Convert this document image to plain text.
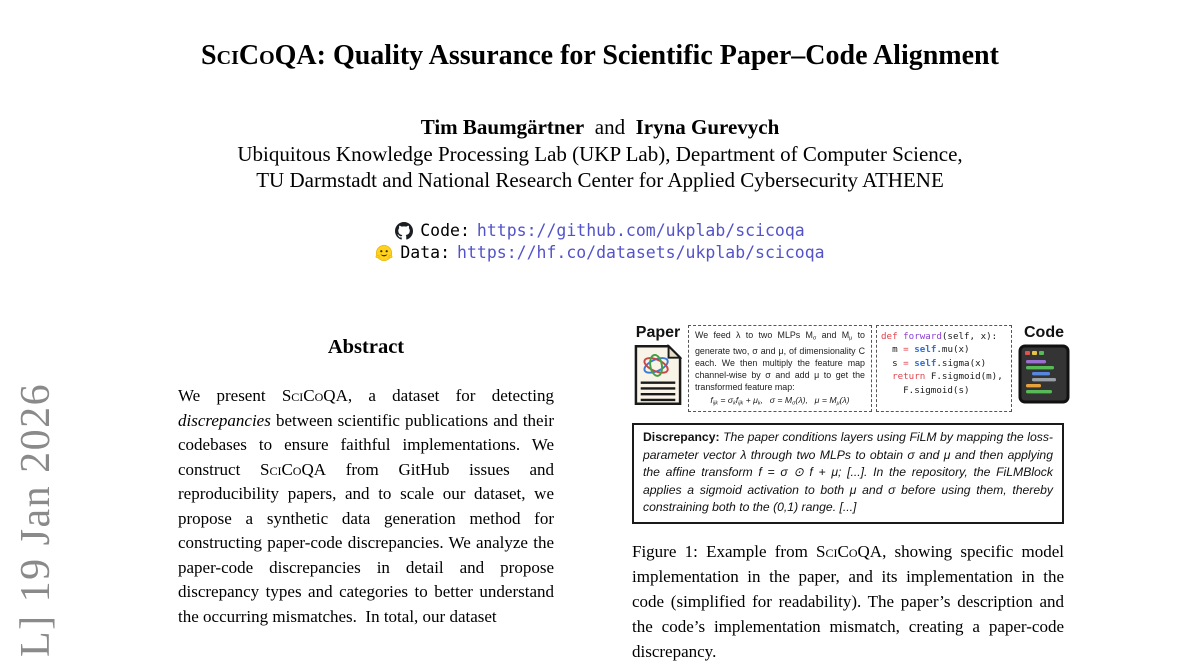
L] 19 Jan 2026
SciCoQA: Quality Assurance for Scientific Paper–Code Alignment
Tim Baumgärtner and Iryna Gurevych
Ubiquitous Knowledge Processing Lab (UKP Lab), Department of Computer Science,
TU Darmstadt and National Research Center for Applied Cybersecurity ATHENE
Code: https://github.com/ukplab/scicoqa
Data: https://hf.co/datasets/ukplab/scicoqa
Abstract

We present SciCoQA, a dataset for detecting discrepancies between scientific publications and their codebases to ensure faithful implementations. We construct SciCoQA from GitHub issues and reproducibility papers, and to scale our dataset, we propose a synthetic data generation method for constructing paper-code discrepancies. We analyze the paper-code discrepancies in detail and propose discrepancy types and categories to better understand the occurring mismatches. In total, our dataset

Paper	We feed λ to two MLPs $M_\sigma$ and $M_\mu$ to generate two, σ and μ, of dimensionality C each. We then multiply the feature map channel-wise by σ and add μ to get the transformed feature map:
$f_{ijk} = \sigma_kf_{ijk} + \mu_k$,  $\sigma = M_\sigma(\lambda)$,  $\mu = M_\mu(\lambda)$
def forward(self, x):
m = self.mu(x)
s = self.sigma(x)
return F.sigmoid(m),
F.sigmoid(s)
Code
Discrepancy: The paper conditions layers using FiLM by mapping the loss-parameter vector λ through two MLPs to obtain σ and μ and then applying the affine transform f = σ ⊙ f + μ; [...]. In the repository, the FiLMBlock applies a sigmoid activation to both μ and σ before using them, thereby constraining both to the (0,1) range. [...]

Figure 1: Example from SciCoQA, showing specific model implementation in the paper, and its implementation in the code (simplified for readability). The paper’s description and the code’s implementation mismatch, creating a paper-code discrepancy.
